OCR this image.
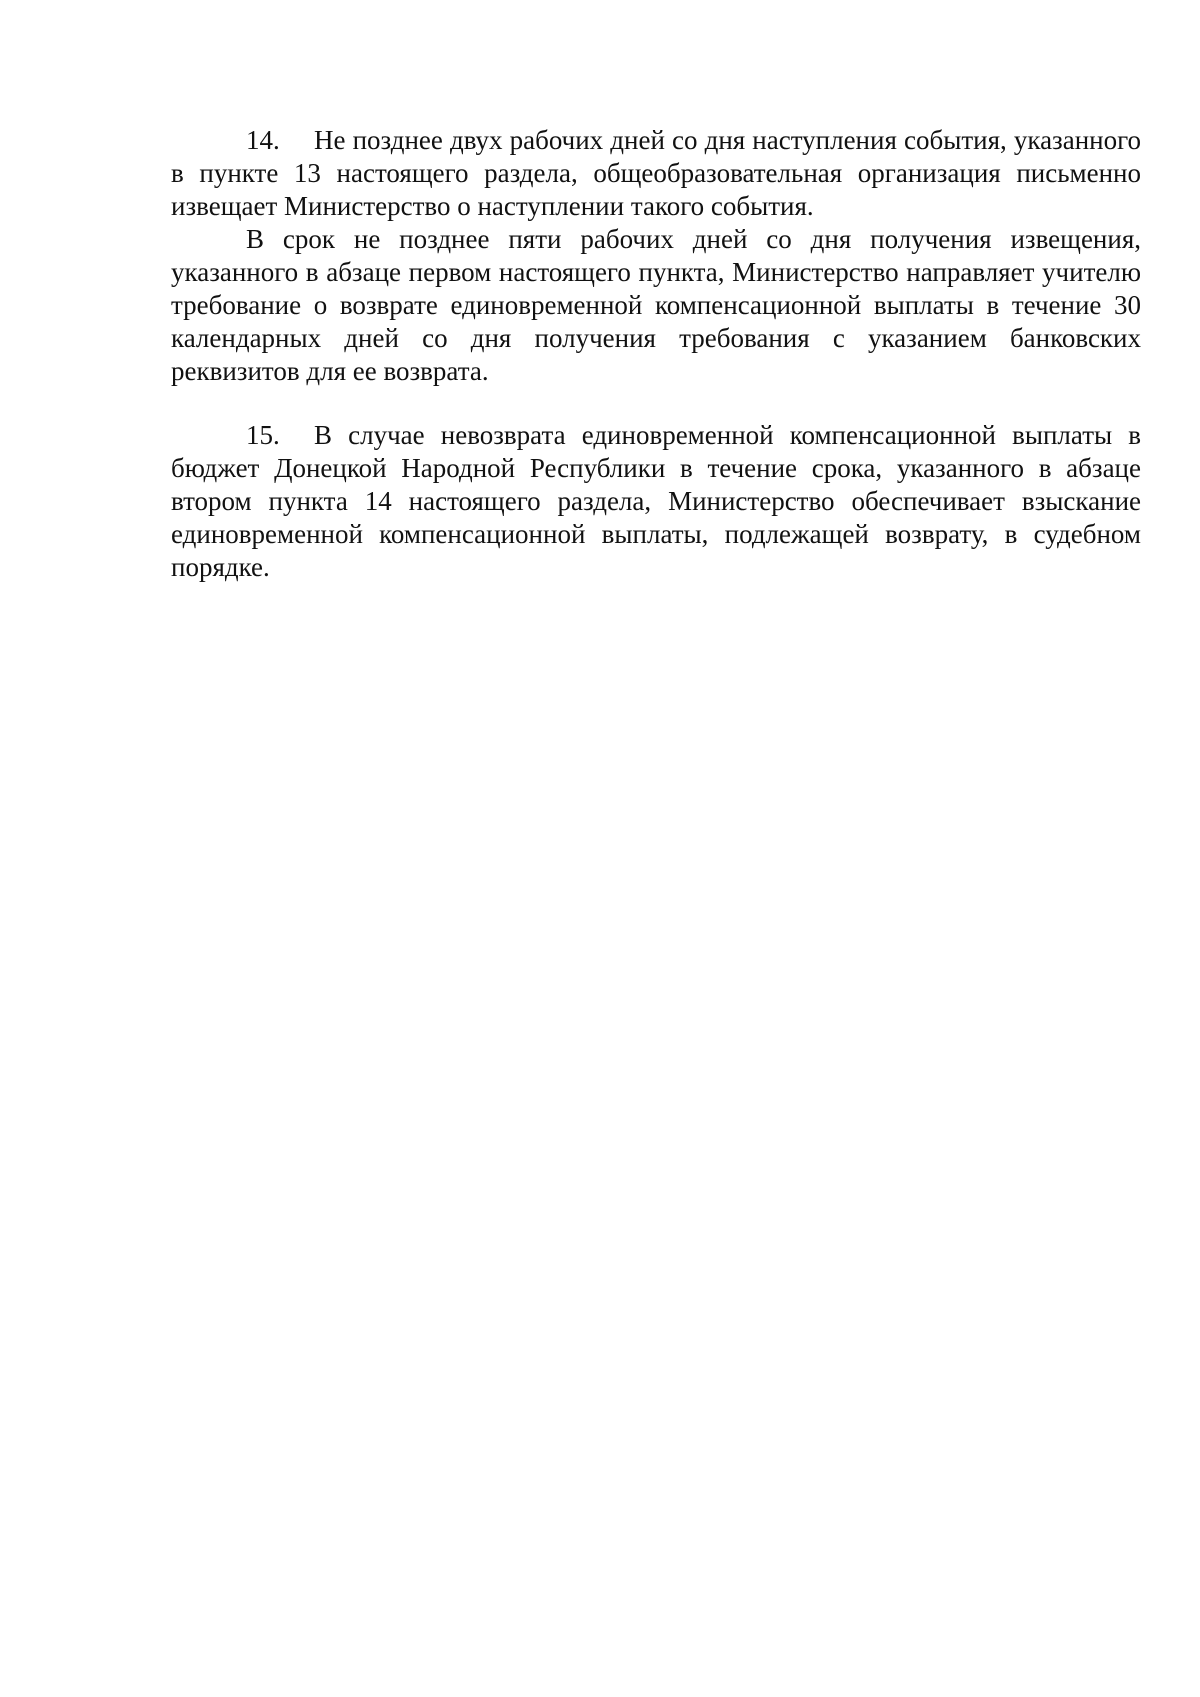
14. Не позднее двух рабочих дней со дня наступления события, указанного в пункте 13 настоящего раздела, общеобразовательная организация письменно извещает Министерство о наступлении такого события.

В срок не позднее пяти рабочих дней со дня получения извещения, указанного в абзаце первом настоящего пункта, Министерство направляет учителю требование о возврате единовременной компенсационной выплаты в течение 30 календарных дней со дня получения требования с указанием банковских реквизитов для ее возврата.

15. В случае невозврата единовременной компенсационной выплаты в бюджет Донецкой Народной Республики в течение срока, указанного в абзаце втором пункта 14 настоящего раздела, Министерство обеспечивает взыскание единовременной компенсационной выплаты, подлежащей возврату, в судебном порядке.
